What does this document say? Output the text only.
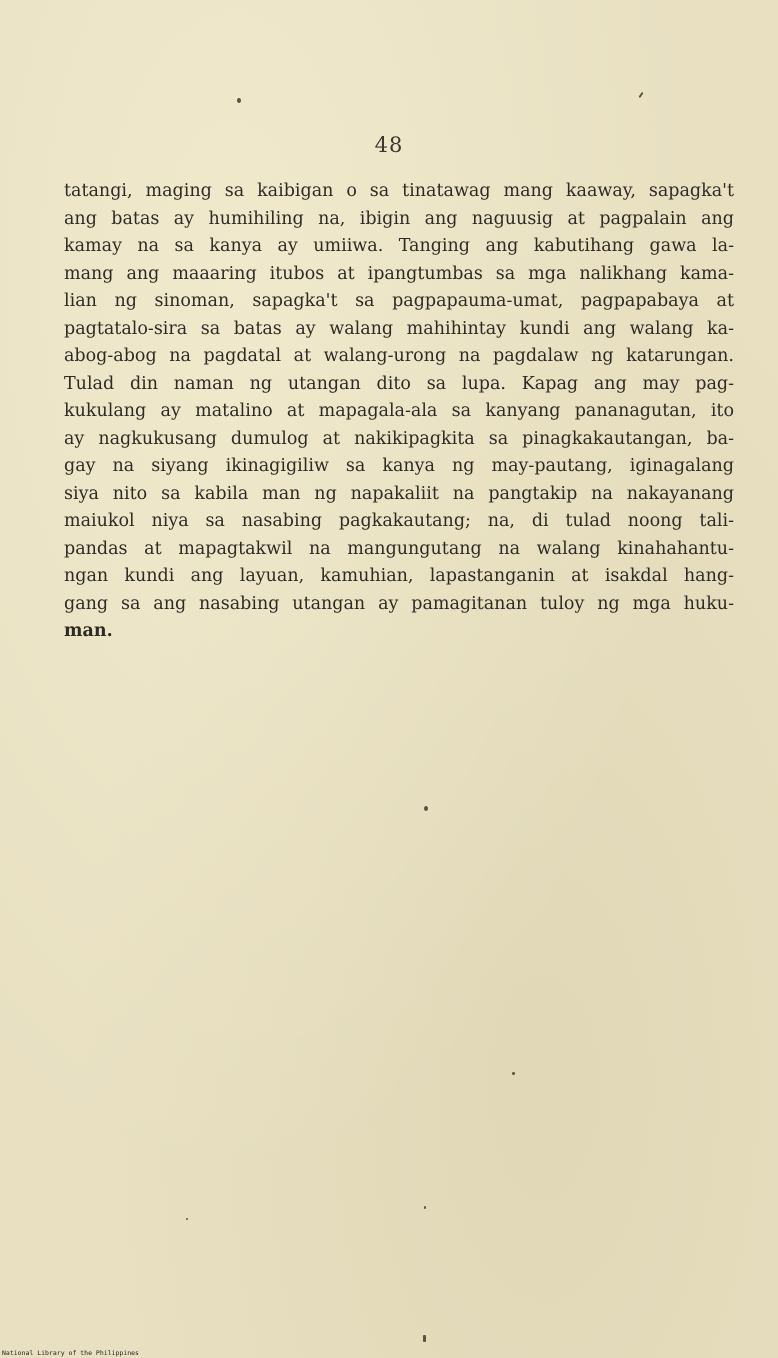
48
tatangi, maging sa kaibigan o sa tinatawag mang kaaway, sapagka't
ang batas ay humihiling na, ibigin ang naguusig at pagpalain ang
kamay na sa kanya ay umiiwa. Tanging ang kabutihang gawa la-
mang ang maaaring itubos at ipangtumbas sa mga nalikhang kama-
lian ng sinoman, sapagka't sa pagpapauma-umat, pagpapabaya at
pagtatalo-sira sa batas ay walang mahihintay kundi ang walang ka-
abog-abog na pagdatal at walang-urong na pagdalaw ng katarungan.
Tulad din naman ng utangan dito sa lupa. Kapag ang may pag-
kukulang ay matalino at mapagala-ala sa kanyang pananagutan, ito
ay nagkukusang dumulog at nakikipagkita sa pinagkakautangan, ba-
gay na siyang ikinagigiliw sa kanya ng may-pautang, iginagalang
siya nito sa kabila man ng napakaliit na pangtakip na nakayanang
maiukol niya sa nasabing pagkakautang; na, di tulad noong tali-
pandas at mapagtakwil na mangungutang na walang kinahahantu-
ngan kundi ang layuan, kamuhian, lapastanganin at isakdal hang-
gang sa ang nasabing utangan ay pamagitanan tuloy ng mga huku-
man.
National Library of the Philippines
